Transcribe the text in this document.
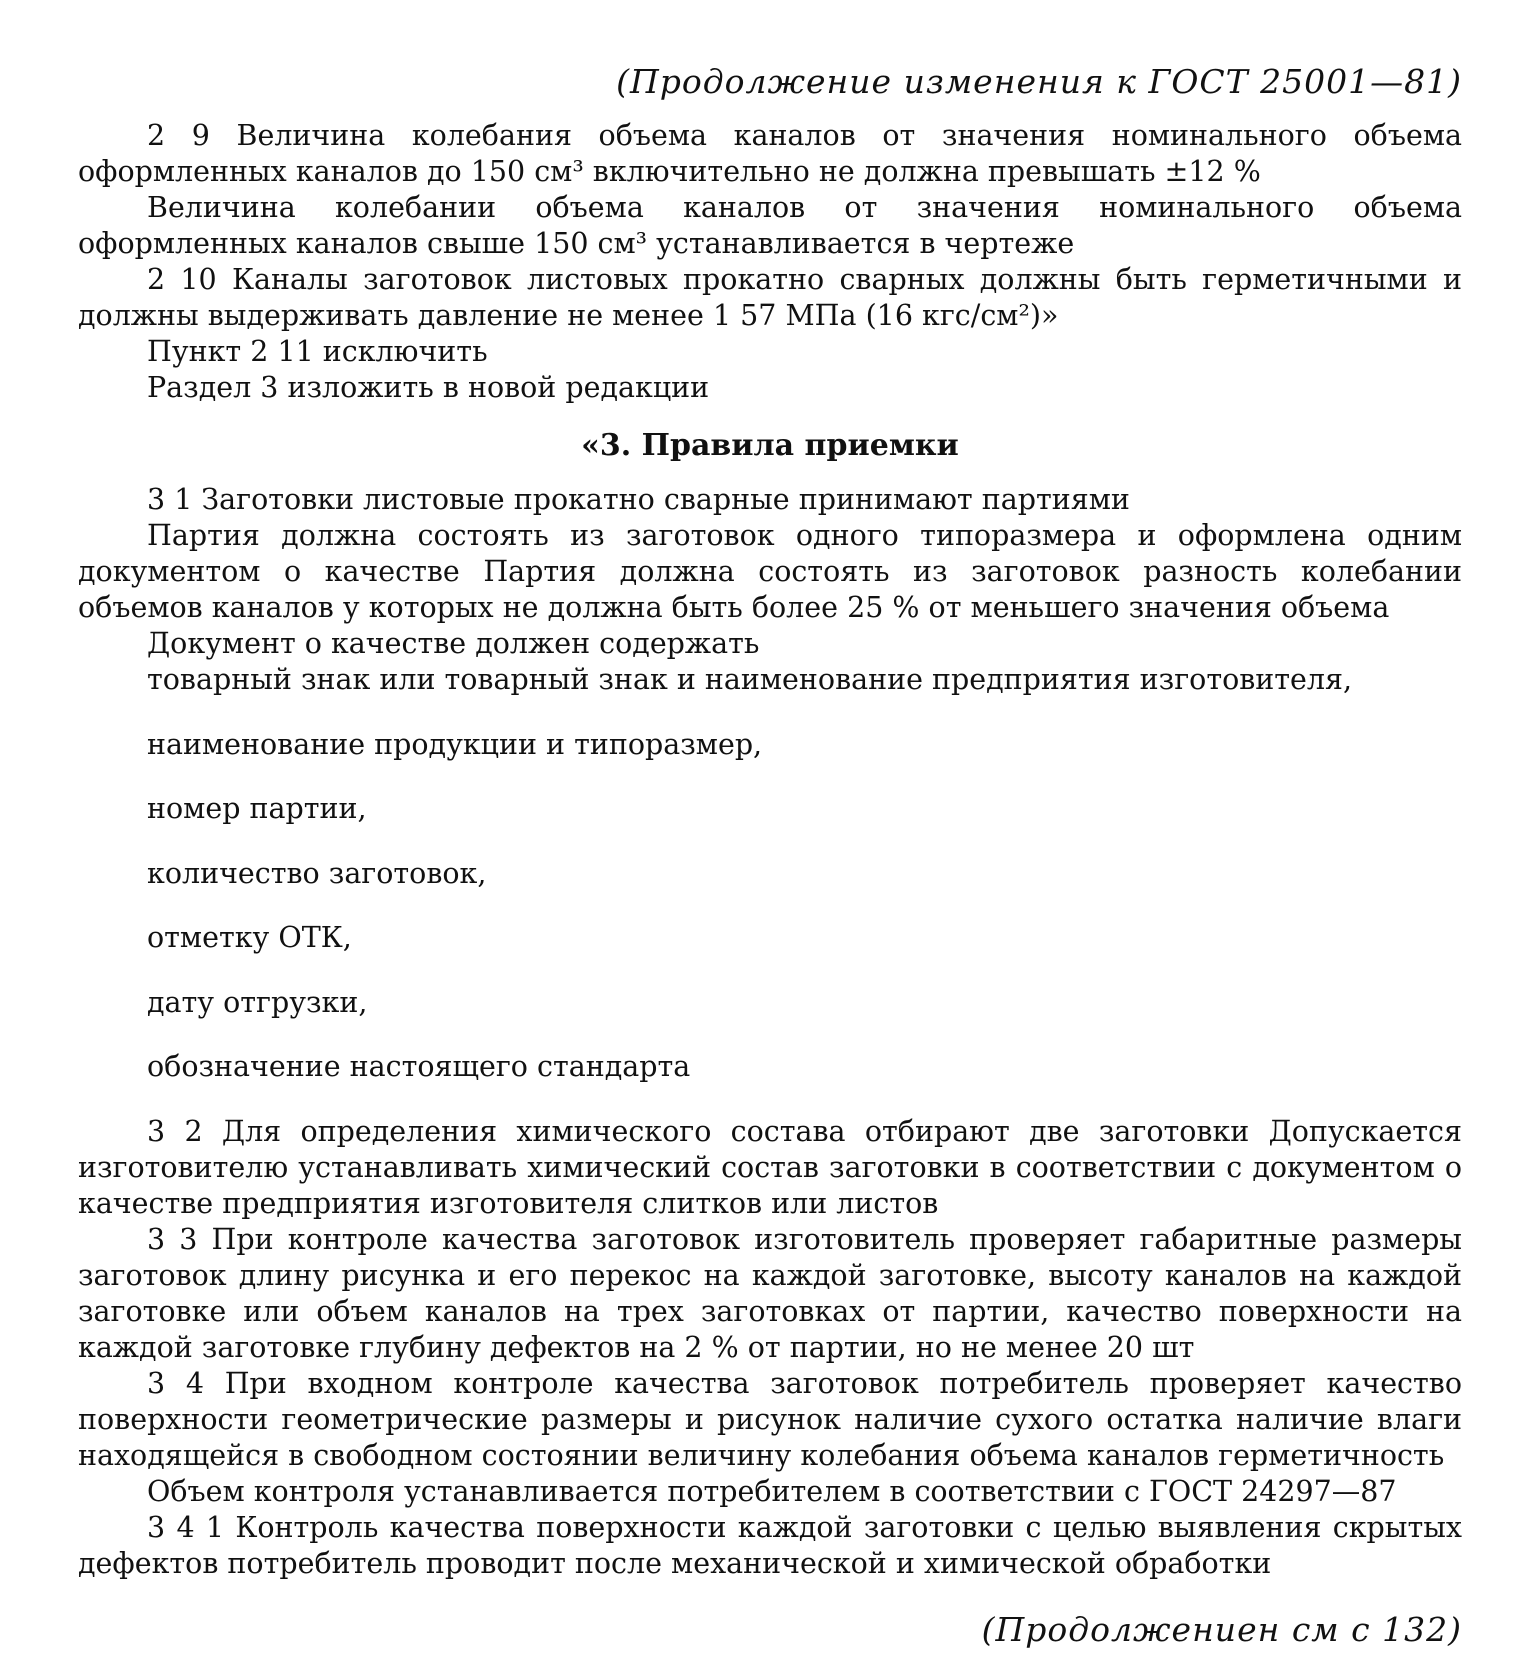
(Продолжение изменения к ГОСТ 25001—81)

2 9 Величина колебания объема каналов от значения номинального объема оформленных каналов до 150 см³ включительно не должна превышать ±12 %

Величина колебании объема каналов от значения номинального объема оформленных каналов свыше 150 см³ устанавливается в чертеже

2 10 Каналы заготовок листовых прокатно сварных должны быть герметичными и должны выдерживать давление не менее 1 57 МПа (16 кгс/см²)»

Пункт 2 11 исключить

Раздел 3 изложить в новой редакции

«3. Правила приемки

3 1 Заготовки листовые прокатно сварные принимают партиями

Партия должна состоять из заготовок одного типоразмера и оформлена одним документом о качестве Партия должна состоять из заготовок разность колебании объемов каналов у которых не должна быть более 25 % от меньшего значения объема

Документ о качестве должен содержать

товарный знак или товарный знак и наименование предприятия изготовителя,

наименование продукции и типоразмер,

номер партии,

количество заготовок,

отметку ОТК,

дату отгрузки,

обозначение настоящего стандарта

3 2 Для определения химического состава отбирают две заготовки Допускается изготовителю устанавливать химический состав заготовки в соответствии с документом о качестве предприятия изготовителя слитков или листов

3 3 При контроле качества заготовок изготовитель проверяет габаритные размеры заготовок длину рисунка и его перекос на каждой заготовке, высоту каналов на каждой заготовке или объем каналов на трех заготовках от партии, качество поверхности на каждой заготовке глубину дефектов на 2 % от партии, но не менее 20 шт

3 4 При входном контроле качества заготовок потребитель проверяет качество поверхности геометрические размеры и рисунок наличие сухого остатка наличие влаги находящейся в свободном состоянии величину колебания объема каналов герметичность

Объем контроля устанавливается потребителем в соответствии с ГОСТ 24297—87

3 4 1 Контроль качества поверхности каждой заготовки с целью выявления скрытых дефектов потребитель проводит после механической и химической обработки

(Продолжениен см с 132)
